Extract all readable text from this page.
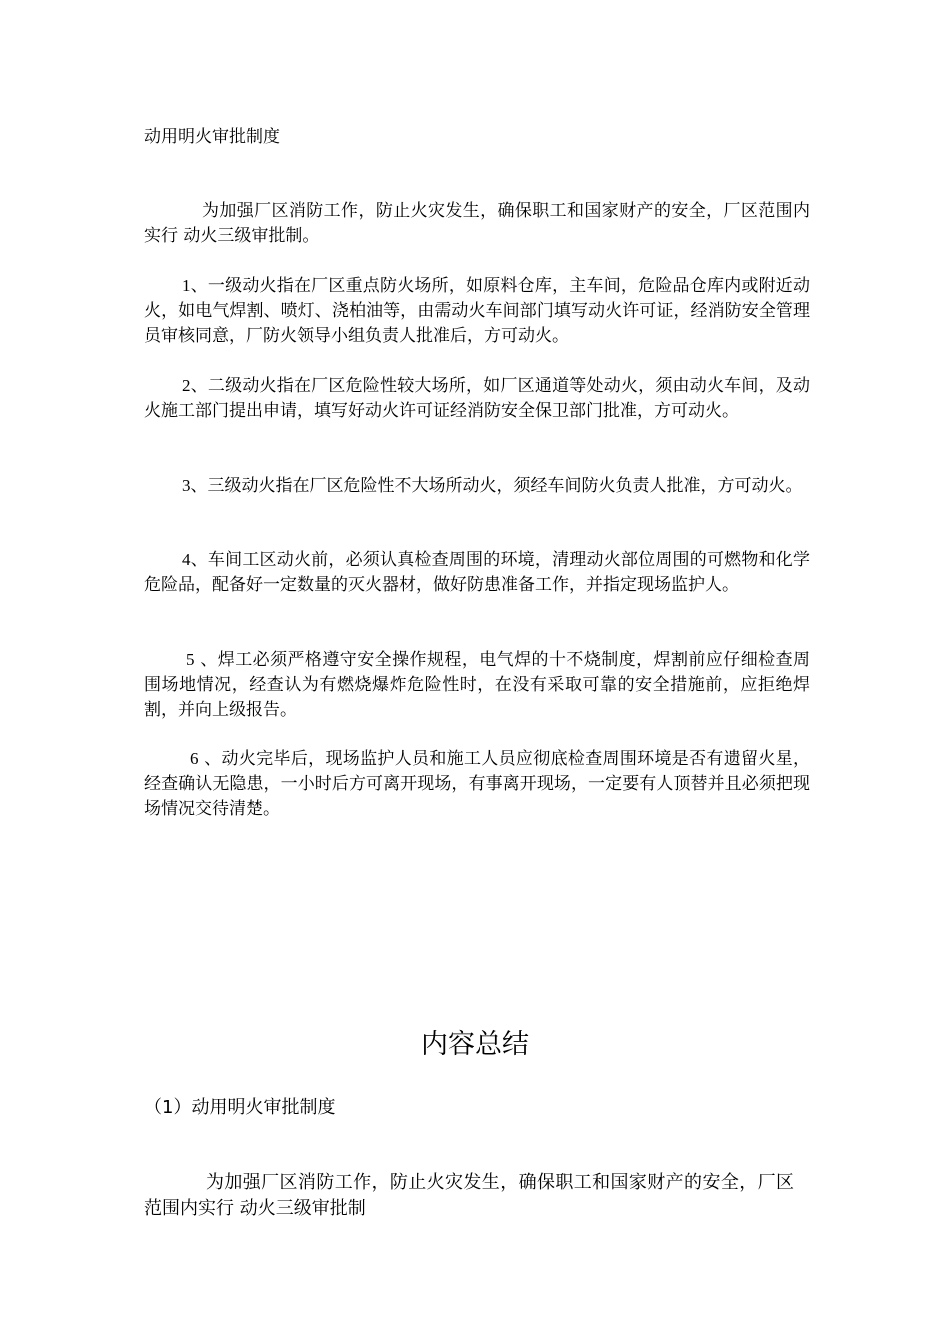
动用明火审批制度

为加强厂区消防工作，防止火灾发生，确保职工和国家财产的安全，厂区范围内实行 动火三级审批制。

1、一级动火指在厂区重点防火场所，如原料仓库，主车间，危险品仓库内或附近动火，如电气焊割、喷灯、浇柏油等，由需动火车间部门填写动火许可证，经消防安全管理员审核同意，厂防火领导小组负责人批准后，方可动火。

2、二级动火指在厂区危险性较大场所，如厂区通道等处动火，须由动火车间，及动火施工部门提出申请，填写好动火许可证经消防安全保卫部门批准，方可动火。

3、三级动火指在厂区危险性不大场所动火，须经车间防火负责人批准，方可动火。

4、车间工区动火前，必须认真检查周围的环境，清理动火部位周围的可燃物和化学危险品，配备好一定数量的灭火器材，做好防患准备工作，并指定现场监护人。

5 、焊工必须严格遵守安全操作规程，电气焊的十不烧制度，焊割前应仔细检查周围场地情况，经查认为有燃烧爆炸危险性时，在没有采取可靠的安全措施前，应拒绝焊割，并向上级报告。

6 、动火完毕后，现场监护人员和施工人员应彻底检查周围环境是否有遗留火星，经查确认无隐患，一小时后方可离开现场，有事离开现场，一定要有人顶替并且必须把现场情况交待清楚。

内容总结
（1）动用明火审批制度

为加强厂区消防工作，防止火灾发生，确保职工和国家财产的安全，厂区范围内实行 动火三级审批制
